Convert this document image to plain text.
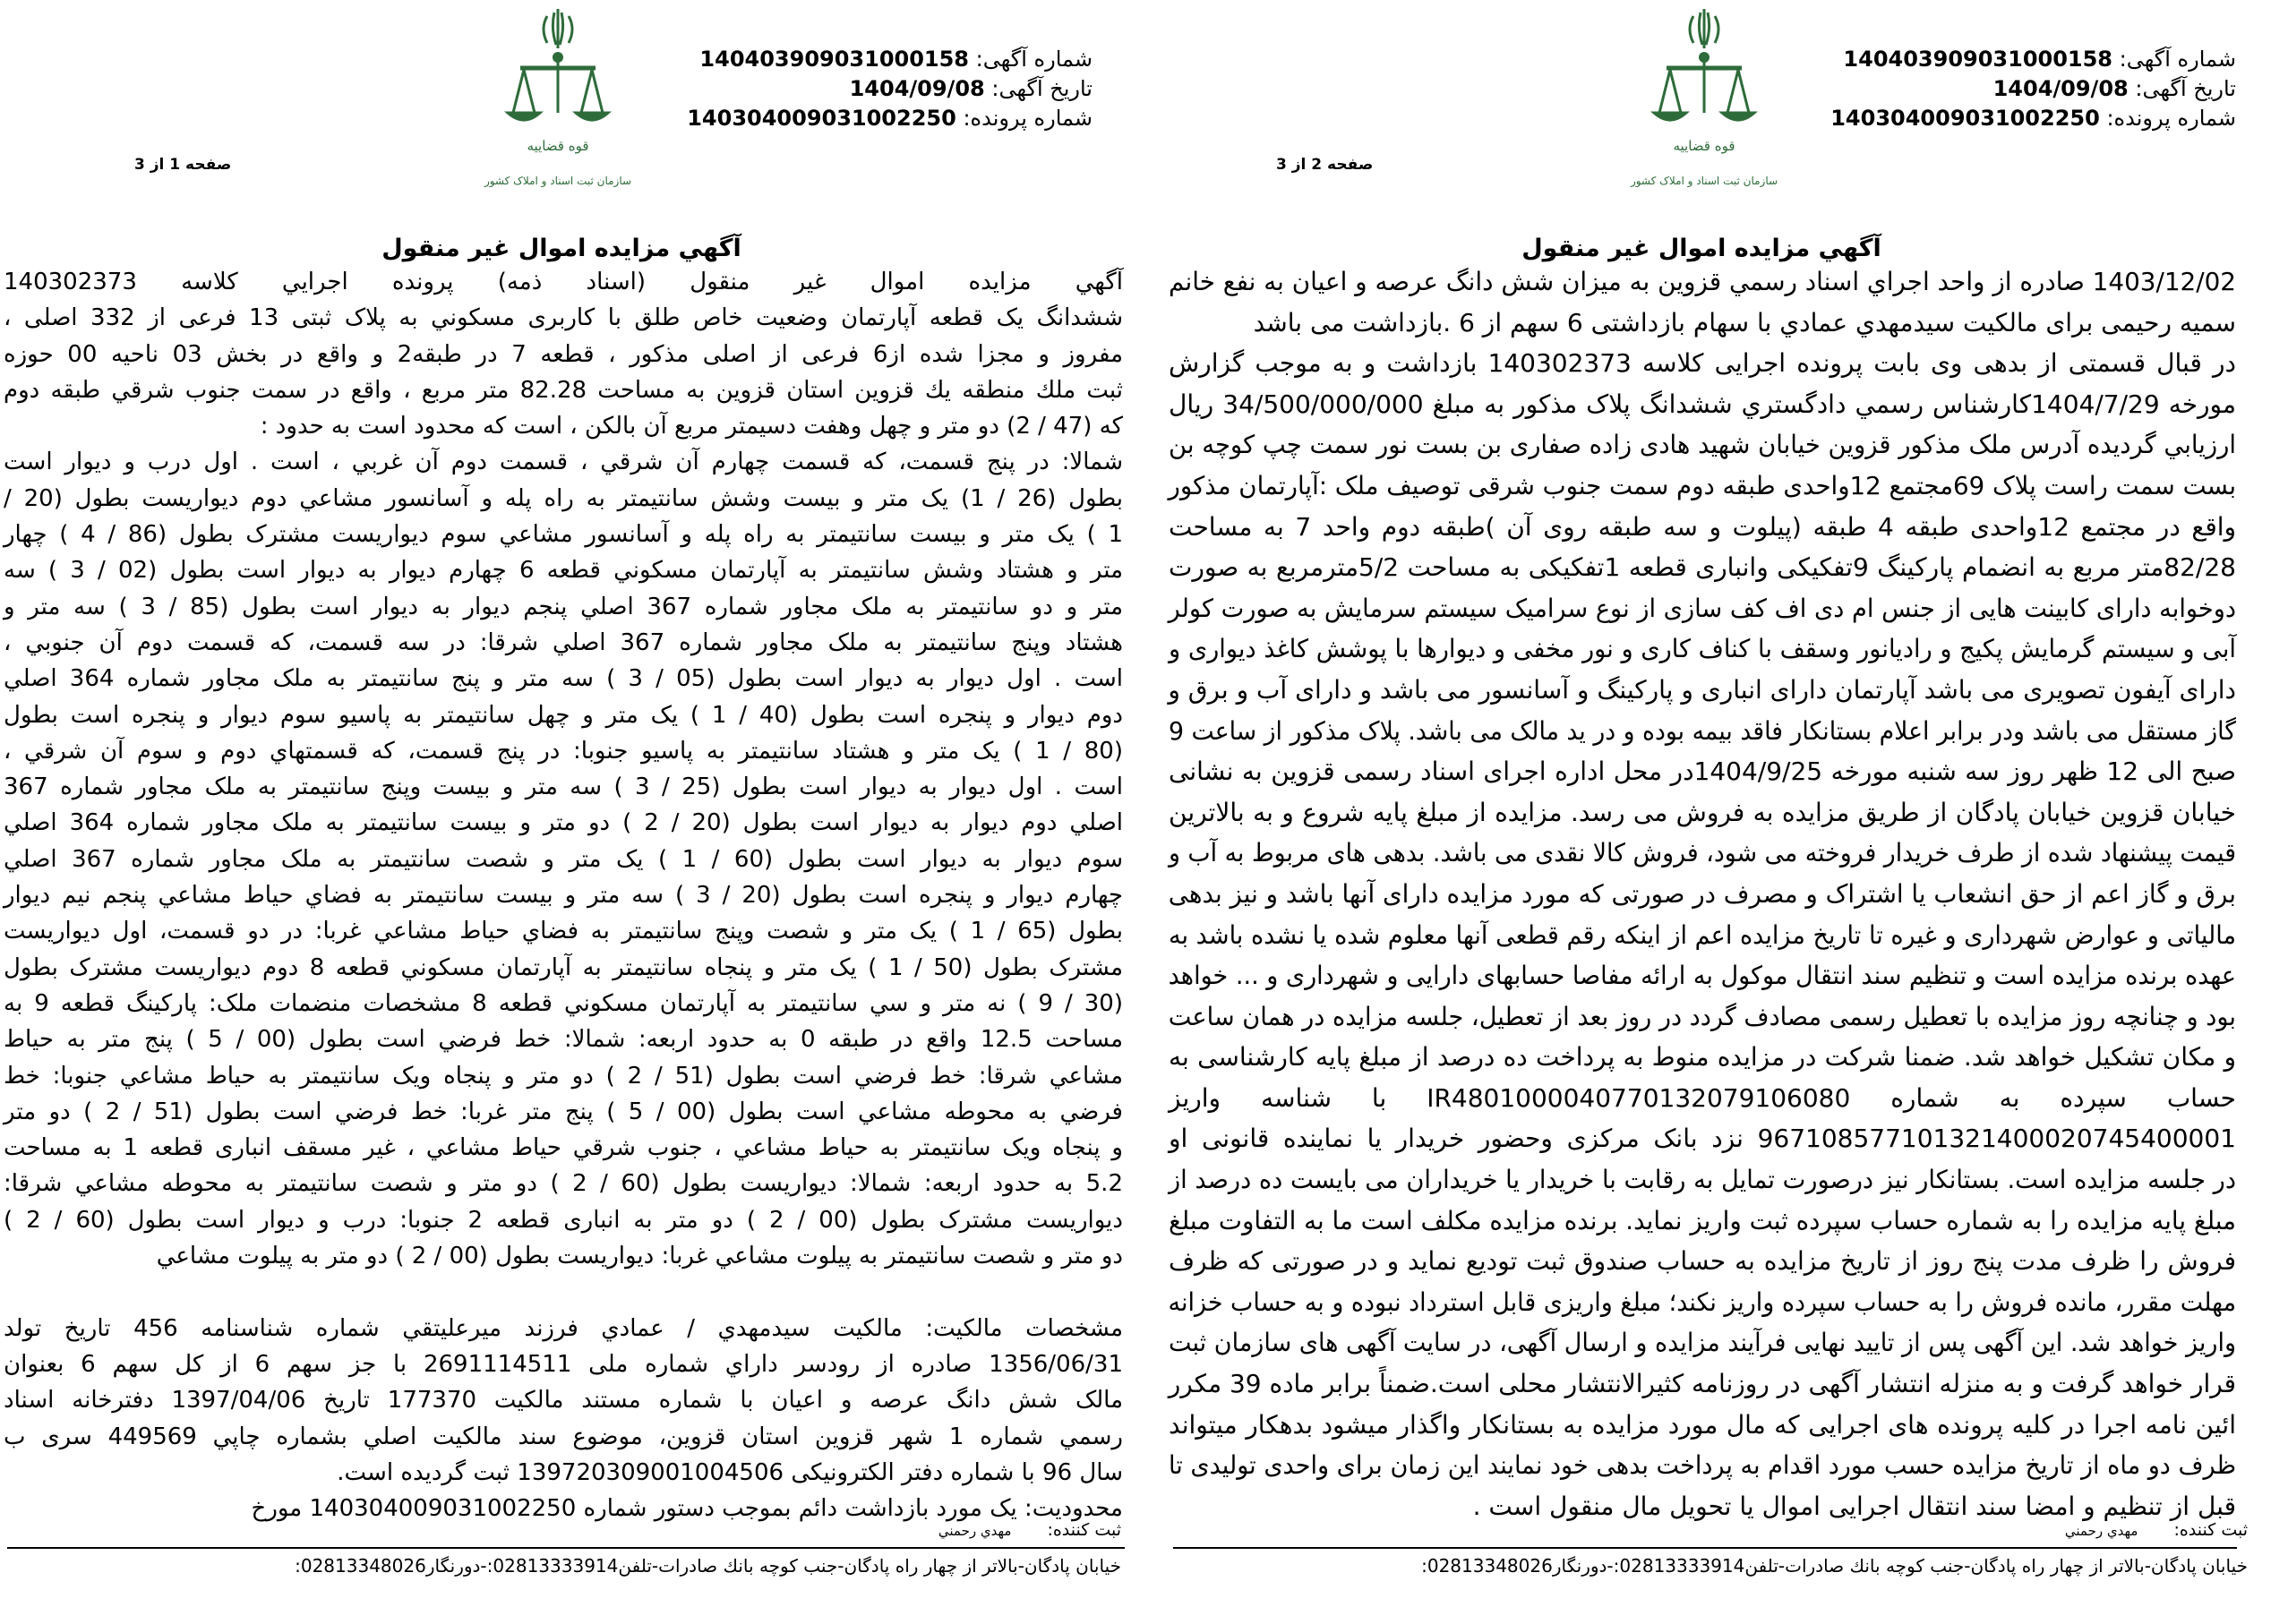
شماره آگهی: 140403909031000158
تاریخ آگهی: 1404/09/08
شماره پرونده: 140304009031002250
قوه قضاییه
سازمان ثبت اسناد و املاک کشور
صفحه 1 از 3
آگهي مزايده اموال غير منقول
آگهي مزايده اموال غير منقول (اسناد ذمه) پرونده اجرايي كلاسه 140302373
ششدانگ يک قطعه آپارتمان وضعيت خاص طلق با كاربری مسكوني به پلاک ثبتی 13 فرعی از 332 اصلی ،
مفروز و مجزا شده از6 فرعی از اصلی مذكور ، قطعه 7 در طبقه2 و واقع در بخش 03 ناحيه 00 حوزه
ثبت ملك منطقه يك قزوين استان قزوين به مساحت 82.28 متر مربع ، واقع در سمت جنوب شرقي طبقه دوم
كه (47 / 2) دو متر و چهل وهفت دسيمتر مربع آن بالكن ، است كه محدود است به حدود :
شمالا: در پنج قسمت، كه قسمت چهارم آن شرقي ، قسمت دوم آن غربي ، است . اول درب و ديوار است
بطول (26 / 1) يک متر و بيست وشش سانتيمتر به راه پله و آسانسور مشاعي دوم ديواريست بطول (20 /
1 ) يک متر و بيست سانتيمتر به راه پله و آسانسور مشاعي سوم ديواريست مشترک بطول (86 / 4 ) چهار
متر و هشتاد وشش سانتيمتر به آپارتمان مسكوني قطعه 6 چهارم ديوار به ديوار است بطول (02 / 3 ) سه
متر و دو سانتيمتر به ملک مجاور شماره 367 اصلي پنجم ديوار به ديوار است بطول (85 / 3 ) سه متر و
هشتاد وپنج سانتيمتر به ملک مجاور شماره 367 اصلي شرقا: در سه قسمت، كه قسمت دوم آن جنوبي ،
است . اول ديوار به ديوار است بطول (05 / 3 ) سه متر و پنج سانتيمتر به ملک مجاور شماره 364 اصلي
دوم ديوار و پنجره است بطول (40 / 1 ) يک متر و چهل سانتيمتر به پاسيو سوم ديوار و پنجره است بطول
(80 / 1 ) يک متر و هشتاد سانتيمتر به پاسيو جنوبا: در پنج قسمت، كه قسمتهاي دوم و سوم آن شرقي ،
است . اول ديوار به ديوار است بطول (25 / 3 ) سه متر و بيست وپنج سانتيمتر به ملک مجاور شماره 367
اصلي دوم ديوار به ديوار است بطول (20 / 2 ) دو متر و بيست سانتيمتر به ملک مجاور شماره 364 اصلي
سوم ديوار به ديوار است بطول (60 / 1 ) يک متر و شصت سانتيمتر به ملک مجاور شماره 367 اصلي
چهارم ديوار و پنجره است بطول (20 / 3 ) سه متر و بيست سانتيمتر به فضاي حياط مشاعي پنجم نيم ديوار
بطول (65 / 1 ) يک متر و شصت وپنج سانتيمتر به فضاي حياط مشاعي غربا: در دو قسمت، اول ديواريست
مشترک بطول (50 / 1 ) يک متر و پنجاه سانتيمتر به آپارتمان مسكوني قطعه 8 دوم ديواريست مشترک بطول
(30 / 9 ) نه متر و سي سانتيمتر به آپارتمان مسكوني قطعه 8 مشخصات منضمات ملک: پاركينگ قطعه 9 به
مساحت 12.5 واقع در طبقه 0 به حدود اربعه: شمالا: خط فرضي است بطول (00 / 5 ) پنج متر به حياط
مشاعي شرقا: خط فرضي است بطول (51 / 2 ) دو متر و پنجاه ويک سانتيمتر به حياط مشاعي جنوبا: خط
فرضي به محوطه مشاعي است بطول (00 / 5 ) پنج متر غربا: خط فرضي است بطول (51 / 2 ) دو متر
و پنجاه ويک سانتيمتر به حياط مشاعي ، جنوب شرقي حياط مشاعي ، غير مسقف انباری قطعه 1 به مساحت
5.2 به حدود اربعه: شمالا: ديواريست بطول (60 / 2 ) دو متر و شصت سانتيمتر به محوطه مشاعي شرقا:
ديواريست مشترک بطول (00 / 2 ) دو متر به انباری قطعه 2 جنوبا: درب و ديوار است بطول (60 / 2 )
دو متر و شصت سانتيمتر به پيلوت مشاعي غربا: ديواريست بطول (00 / 2 ) دو متر به پيلوت مشاعي

مشخصات مالكيت: مالكيت سيدمهدي / عمادي فرزند ميرعليتقي شماره شناسنامه 456 تاريخ تولد
1356/06/31 صادره از رودسر داراي شماره ملی 2691114511 با جز سهم 6 از كل سهم 6 بعنوان
مالک شش دانگ عرصه و اعيان با شماره مستند مالكيت 177370 تاريخ 1397/04/06 دفترخانه اسناد
رسمي شماره 1 شهر قزوين استان قزوين، موضوع سند مالكيت اصلي بشماره چاپي 449569 سری ب
سال 96 با شماره دفتر الكترونيكی 139720309001004506 ثبت گرديده است.
محدوديت: يک مورد بازداشت دائم بموجب دستور شماره 140304009031002250 مورخ
ثبت كننده:مهدي رحمني
خيابان پادگان-بالاتر از چهار راه پادگان-جنب كوچه بانك صادرات-تلفن02813333914:-دورنگار02813348026:
شماره آگهی: 140403909031000158
تاریخ آگهی: 1404/09/08
شماره پرونده: 140304009031002250
قوه قضاییه
سازمان ثبت اسناد و املاک کشور
صفحه 2 از 3
آگهي مزايده اموال غير منقول
1403/12/02 صادره از واحد اجراي اسناد رسمي قزوين به ميزان شش دانگ عرصه و اعيان به نفع خانم
سميه رحيمی برای مالكيت سيدمهدي عمادي با سهام بازداشتی 6 سهم از 6 .بازداشت می باشد
در قبال قسمتی از بدهی وی بابت پرونده اجرايی كلاسه 140302373 بازداشت و به موجب گزارش
مورخه 1404/7/29كارشناس رسمي دادگستري ششدانگ پلاک مذكور به مبلغ 34/500/000/000 ريال
ارزيابي گرديده آدرس ملک مذكور قزوين خيابان شهيد هادی زاده صفاری بن بست نور سمت چپ كوچه بن
بست سمت راست پلاک 69مجتمع 12واحدی طبقه دوم سمت جنوب شرقی توصيف ملک :آپارتمان مذكور
واقع در مجتمع 12واحدی طبقه 4 طبقه (پيلوت و سه طبقه روی آن )طبقه دوم واحد 7 به مساحت
82/28متر مربع به انضمام پاركينگ 9تفكيكی وانباری قطعه 1تفكيكی به مساحت 5/2مترمربع به صورت
دوخوابه دارای كابينت هايی از جنس ام دی اف كف سازی از نوع سراميک سيستم سرمايش به صورت كولر
آبی و سيستم گرمايش پكيج و راديانور وسقف با كناف كاری و نور مخفی و ديوارها با پوشش كاغذ ديواری و
دارای آيفون تصويری می باشد آپارتمان دارای انباری و پاركينگ و آسانسور می باشد و دارای آب و برق و
گاز مستقل می باشد ودر برابر اعلام بستانكار فاقد بيمه بوده و در يد مالک می باشد. پلاک مذكور از ساعت 9
صبح الی 12 ظهر روز سه شنبه مورخه 1404/9/25در محل اداره اجرای اسناد رسمی قزوين به نشانی
خيابان قزوين خيابان پادگان از طريق مزايده به فروش می رسد. مزايده از مبلغ پايه شروع و به بالاترين
قيمت پيشنهاد شده از طرف خريدار فروخته می شود، فروش كالا نقدی می باشد. بدهی های مربوط به آب و
برق و گاز اعم از حق انشعاب يا اشتراک و مصرف در صورتی كه مورد مزايده دارای آنها باشد و نيز بدهی
مالياتی و عوارض شهرداری و غيره تا تاريخ مزايده اعم از اينكه رقم قطعی آنها معلوم شده يا نشده باشد به
عهده برنده مزايده است و تنظيم سند انتقال موكول به ارائه مفاصا حسابهای دارايی و شهرداری و ... خواهد
بود و چنانچه روز مزايده با تعطيل رسمی مصادف گردد در روز بعد از تعطيل، جلسه مزايده در همان ساعت
و مكان تشكيل خواهد شد. ضمنا شركت در مزايده منوط به پرداخت ده درصد از مبلغ پايه كارشناسی به
حساب سپرده به شماره IR4801000040770132079106080 با شناسه واريز
967108577101321400020745400001 نزد بانک مركزی وحضور خريدار يا نماينده قانونی او
در جلسه مزايده است. بستانكار نيز درصورت تمايل به رقابت با خريدار يا خريداران می بايست ده درصد از
مبلغ پايه مزايده را به شماره حساب سپرده ثبت واريز نمايد. برنده مزايده مكلف است ما به التفاوت مبلغ
فروش را ظرف مدت پنج روز از تاريخ مزايده به حساب صندوق ثبت توديع نمايد و در صورتی كه ظرف
مهلت مقرر، مانده فروش را به حساب سپرده واريز نكند؛ مبلغ واريزی قابل استرداد نبوده و به حساب خزانه
واريز خواهد شد. اين آگهی پس از تاييد نهايی فرآيند مزايده و ارسال آگهی، در سايت آگهی های سازمان ثبت
قرار خواهد گرفت و به منزله انتشار آگهی در روزنامه كثيرالانتشار محلی است.ضمناً برابر ماده 39 مكرر
ائين نامه اجرا در كليه پرونده های اجرايی كه مال مورد مزايده به بستانكار واگذار ميشود بدهكار ميتواند
ظرف دو ماه از تاريخ مزايده حسب مورد اقدام به پرداخت بدهی خود نمايند اين زمان برای واحدی توليدی تا
قبل از تنظيم و امضا سند انتقال اجرايی اموال يا تحويل مال منقول است .
ثبت كننده:مهدي رحمني
خيابان پادگان-بالاتر از چهار راه پادگان-جنب كوچه بانك صادرات-تلفن02813333914:-دورنگار02813348026:
